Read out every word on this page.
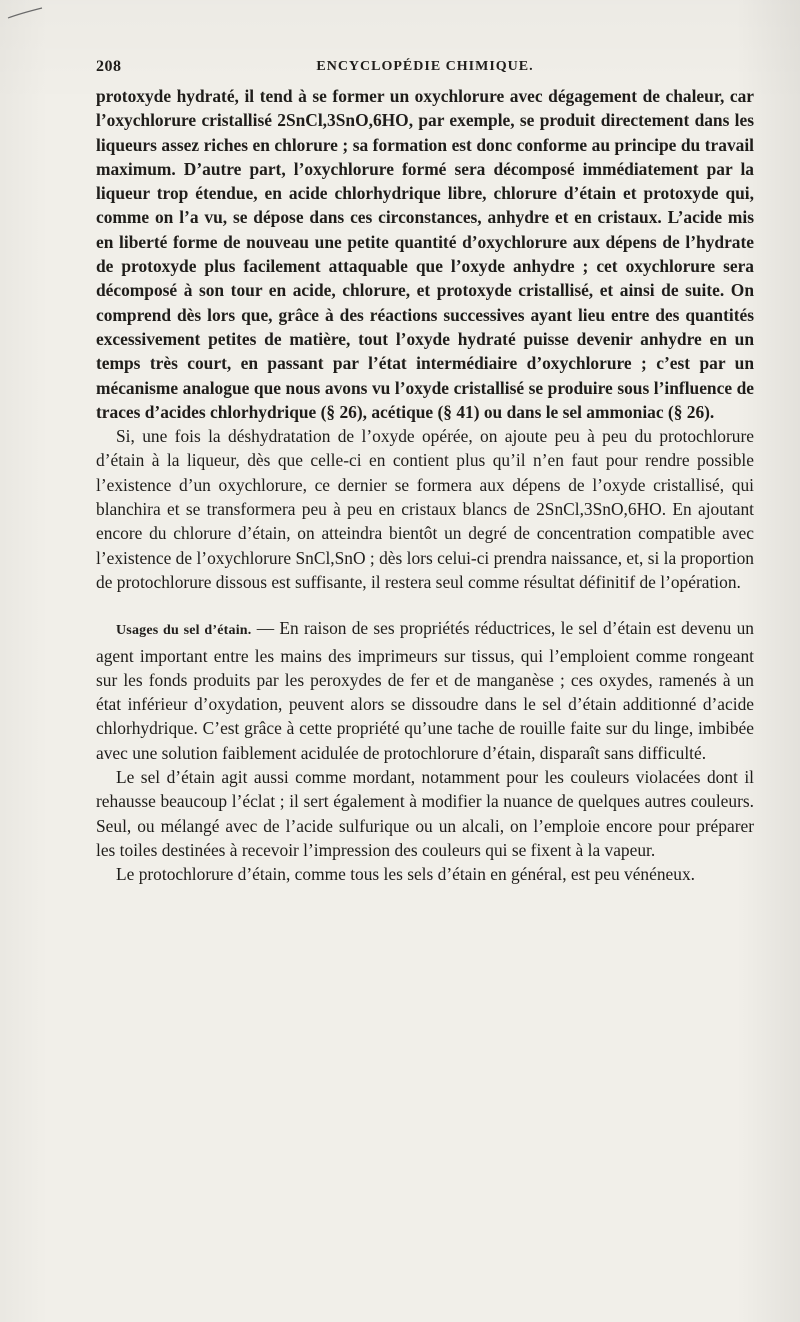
208	ENCYCLOPÉDIE CHIMIQUE.

protoxyde hydraté, il tend à se former un oxychlorure avec dégagement de chaleur, car l’oxychlorure cristallisé 2SnCl,3SnO,6HO, par exemple, se produit directement dans les liqueurs assez riches en chlorure ; sa formation est donc conforme au principe du travail maximum. D’autre part, l’oxychlorure formé sera décomposé immédiatement par la liqueur trop étendue, en acide chlorhydrique libre, chlorure d’étain et protoxyde qui, comme on l’a vu, se dépose dans ces circonstances, anhydre et en cristaux. L’acide mis en liberté forme de nouveau une petite quantité d’oxychlorure aux dépens de l’hydrate de protoxyde plus facilement attaquable que l’oxyde anhydre ; cet oxychlorure sera décomposé à son tour en acide, chlorure, et protoxyde cristallisé, et ainsi de suite. On comprend dès lors que, grâce à des réactions successives ayant lieu entre des quantités excessivement petites de matière, tout l’oxyde hydraté puisse devenir anhydre en un temps très court, en passant par l’état intermédiaire d’oxychlorure ; c’est par un mécanisme analogue que nous avons vu l’oxyde cristallisé se produire sous l’influence de traces d’acides chlorhydrique (§ 26), acétique (§ 41) ou dans le sel ammoniac (§ 26).

Si, une fois la déshydratation de l’oxyde opérée, on ajoute peu à peu du protochlorure d’étain à la liqueur, dès que celle-ci en contient plus qu’il n’en faut pour rendre possible l’existence d’un oxychlorure, ce dernier se formera aux dépens de l’oxyde cristallisé, qui blanchira et se transformera peu à peu en cristaux blancs de 2SnCl,3SnO,6HO. En ajoutant encore du chlorure d’étain, on atteindra bientôt un degré de concentration compatible avec l’existence de l’oxychlorure SnCl,SnO ; dès lors celui-ci prendra naissance, et, si la proportion de protochlorure dissous est suffisante, il restera seul comme résultat définitif de l’opération.

Usages du sel d’étain. — En raison de ses propriétés réductrices, le sel d’étain est devenu un agent important entre les mains des imprimeurs sur tissus, qui l’emploient comme rongeant sur les fonds produits par les peroxydes de fer et de manganèse ; ces oxydes, ramenés à un état inférieur d’oxydation, peuvent alors se dissoudre dans le sel d’étain additionné d’acide chlorhydrique. C’est grâce à cette propriété qu’une tache de rouille faite sur du linge, imbibée avec une solution faiblement acidulée de protochlorure d’étain, disparaît sans difficulté.

Le sel d’étain agit aussi comme mordant, notamment pour les couleurs violacées dont il rehausse beaucoup l’éclat ; il sert également à modifier la nuance de quelques autres couleurs. Seul, ou mélangé avec de l’acide sulfurique ou un alcali, on l’emploie encore pour préparer les toiles destinées à recevoir l’impression des couleurs qui se fixent à la vapeur.

Le protochlorure d’étain, comme tous les sels d’étain en général, est peu vénéneux.
